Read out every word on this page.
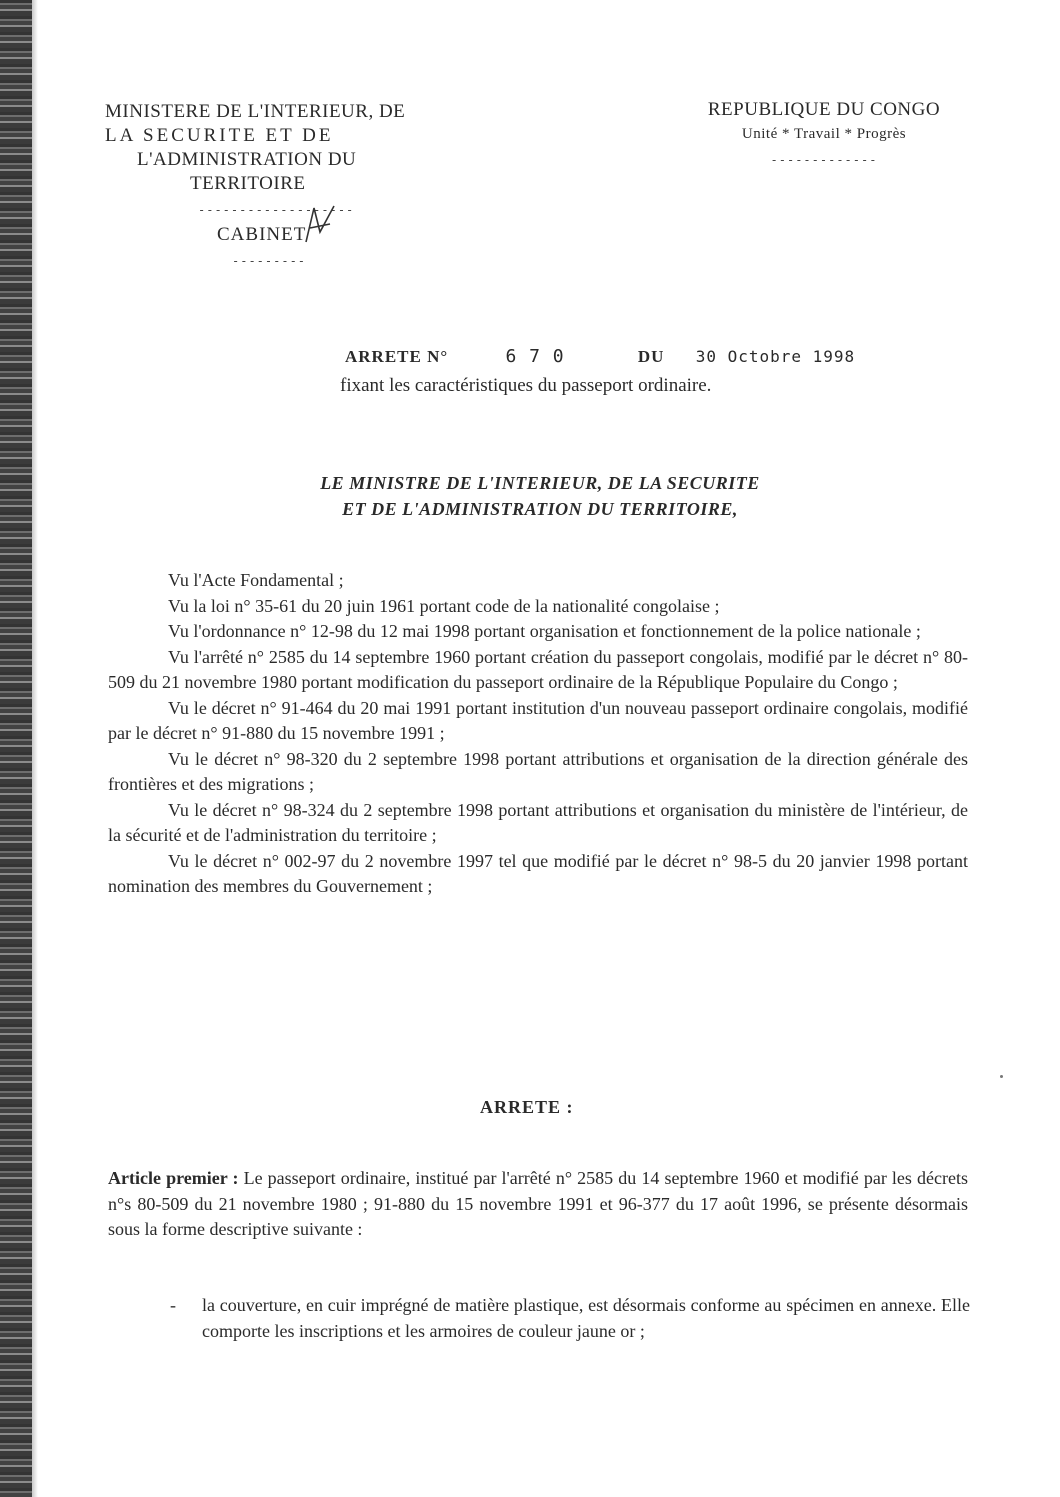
MINISTERE DE L'INTERIEUR, DE
LA SECURITE ET DE
L'ADMINISTRATION DU
TERRITOIRE
-------------------
CABINET
---------
REPUBLIQUE DU CONGO
Unité * Travail * Progrès
-------------
ARRETE N°	6 7 0	DU 30 Octobre 1998
fixant les caractéristiques du passeport ordinaire.
LE MINISTRE DE L'INTERIEUR, DE LA SECURITE
ET DE L'ADMINISTRATION DU TERRITOIRE,

Vu l'Acte Fondamental ;

Vu la loi n° 35-61 du 20 juin 1961 portant code de la nationalité congolaise ;

Vu l'ordonnance n° 12-98 du 12 mai 1998 portant organisation et fonctionnement de la police nationale ;

Vu l'arrêté n° 2585 du 14 septembre 1960 portant création du passeport congolais, modifié par le décret n° 80-509 du 21 novembre 1980 portant modification du passeport ordinaire de la République Populaire du Congo ;

Vu le décret n° 91-464 du 20 mai 1991 portant institution d'un nouveau passeport ordinaire congolais, modifié par le décret n° 91-880 du 15 novembre 1991 ;

Vu le décret n° 98-320 du 2 septembre 1998 portant attributions et organisation de la direction générale des frontières et des migrations ;

Vu le décret n° 98-324 du 2 septembre 1998 portant attributions et organisation du ministère de l'intérieur, de la sécurité et de l'administration du territoire ;

Vu le décret n° 002-97 du 2 novembre 1997 tel que modifié par le décret n° 98-5 du 20 janvier 1998 portant nomination des membres du Gouvernement ;

ARRETE :
Article premier : Le passeport ordinaire, institué par l'arrêté n° 2585 du 14 septembre 1960 et modifié par les décrets n°s 80-509 du 21 novembre 1980 ; 91-880 du 15 novembre 1991 et 96-377 du 17 août 1996, se présente désormais sous la forme descriptive suivante :
-	la couverture, en cuir imprégné de matière plastique, est désormais conforme au spécimen en annexe. Elle comporte les inscriptions et les armoires de couleur jaune or ;
